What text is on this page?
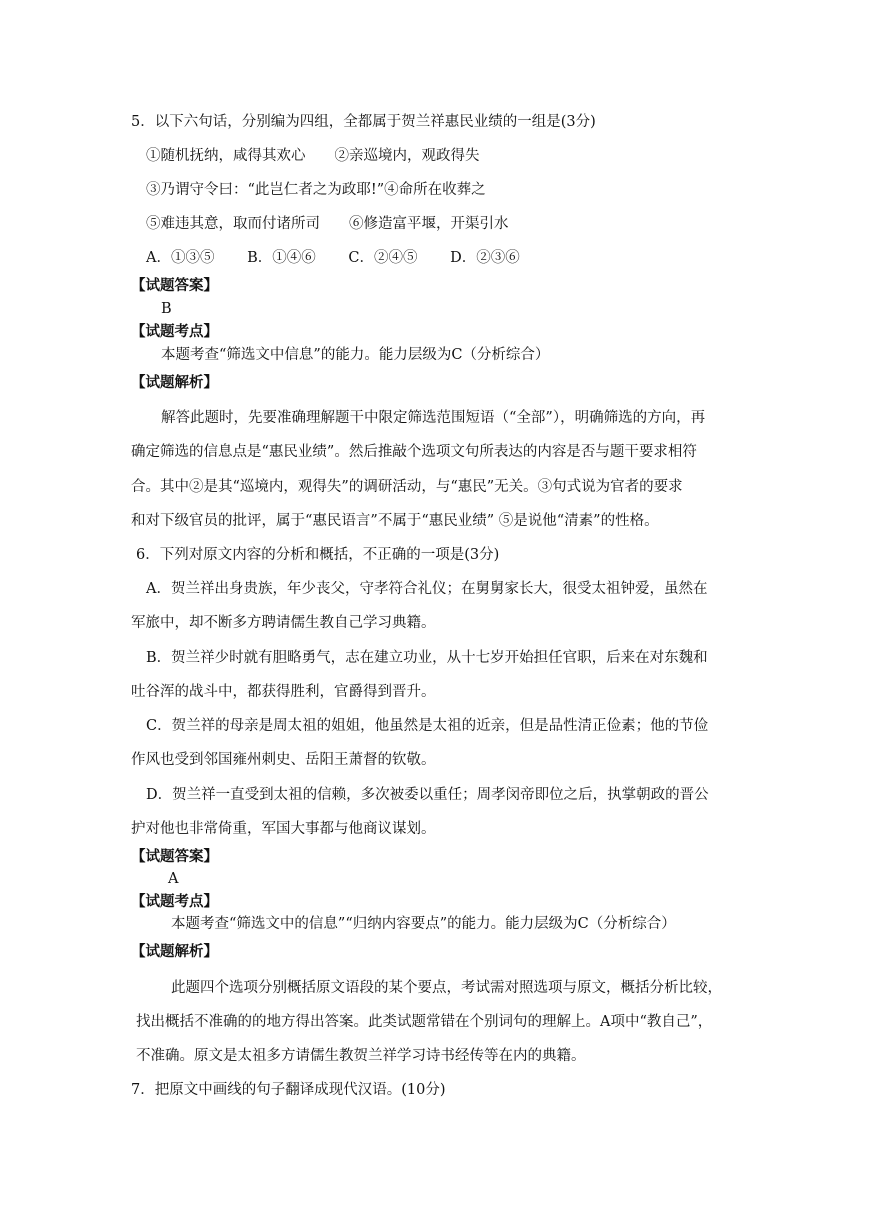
5．以下六句话，分别编为四组，全都属于贺兰祥惠民业绩的一组是(3分)
①随机抚纳，咸得其欢心　　②亲巡境内，观政得失
③乃谓守令曰：“此岂仁者之为政耶!”④命所在收葬之
⑤难违其意，取而付诸所司　　⑥修造富平堰，开渠引水
A．①③⑤ B．①④⑥ C．②④⑤ D．②③⑥
【试题答案】
B
【试题考点】
本题考查“筛选文中信息”的能力。能力层级为C（分析综合）
【试题解析】
解答此题时，先要准确理解题干中限定筛选范围短语（“全部”），明确筛选的方向，再
确定筛选的信息点是“惠民业绩”。然后推敲个选项文句所表达的内容是否与题干要求相符
合。其中②是其“巡境内，观得失”的调研活动，与“惠民”无关。③句式说为官者的要求
和对下级官员的批评，属于“惠民语言”不属于“惠民业绩” ⑤是说他“清素”的性格。
6．下列对原文内容的分析和概括，不正确的一项是(3分)
A．贺兰祥出身贵族，年少丧父，守孝符合礼仪；在舅舅家长大，很受太祖钟爱，虽然在
军旅中，却不断多方聘请儒生教自己学习典籍。
B．贺兰祥少时就有胆略勇气，志在建立功业，从十七岁开始担任官职，后来在对东魏和
吐谷浑的战斗中，都获得胜利，官爵得到晋升。
C．贺兰祥的母亲是周太祖的姐姐，他虽然是太祖的近亲，但是品性清正俭素；他的节俭
作风也受到邻国雍州刺史、岳阳王萧督的钦敬。
D．贺兰祥一直受到太祖的信赖，多次被委以重任；周孝闵帝即位之后，执掌朝政的晋公
护对他也非常倚重，军国大事都与他商议谋划。
【试题答案】
A
【试题考点】
本题考查“筛选文中的信息”“归纳内容要点”的能力。能力层级为C（分析综合）
【试题解析】
此题四个选项分别概括原文语段的某个要点，考试需对照选项与原文，概括分析比较，
找出概括不准确的的地方得出答案。此类试题常错在个别词句的理解上。A项中“教自己”，
不准确。原文是太祖多方请儒生教贺兰祥学习诗书经传等在内的典籍。
7．把原文中画线的句子翻译成现代汉语。(10分)
